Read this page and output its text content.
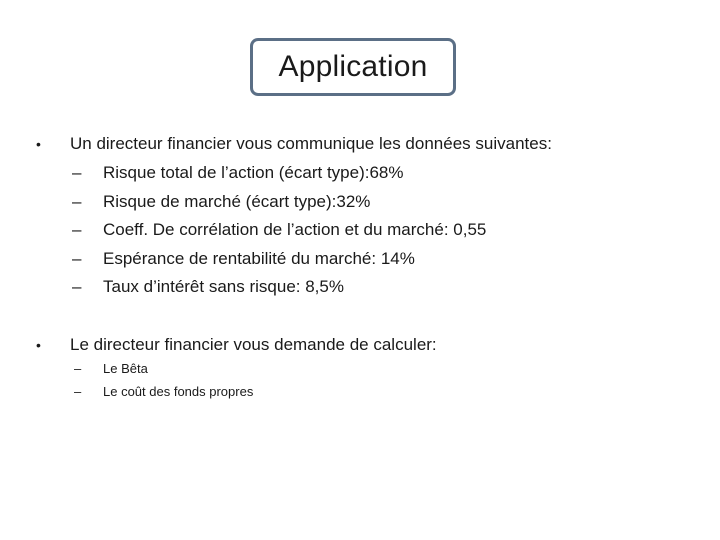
Application
• Un directeur financier vous communique les données suivantes:
– Risque total de l’action (écart type):68%
– Risque de marché (écart type):32%
– Coeff. De corrélation de l’action et du marché: 0,55
– Espérance de rentabilité du marché: 14%
– Taux d’intérêt sans risque: 8,5%
• Le directeur financier vous demande de calculer:
– Le Bêta
– Le coût des fonds propres
